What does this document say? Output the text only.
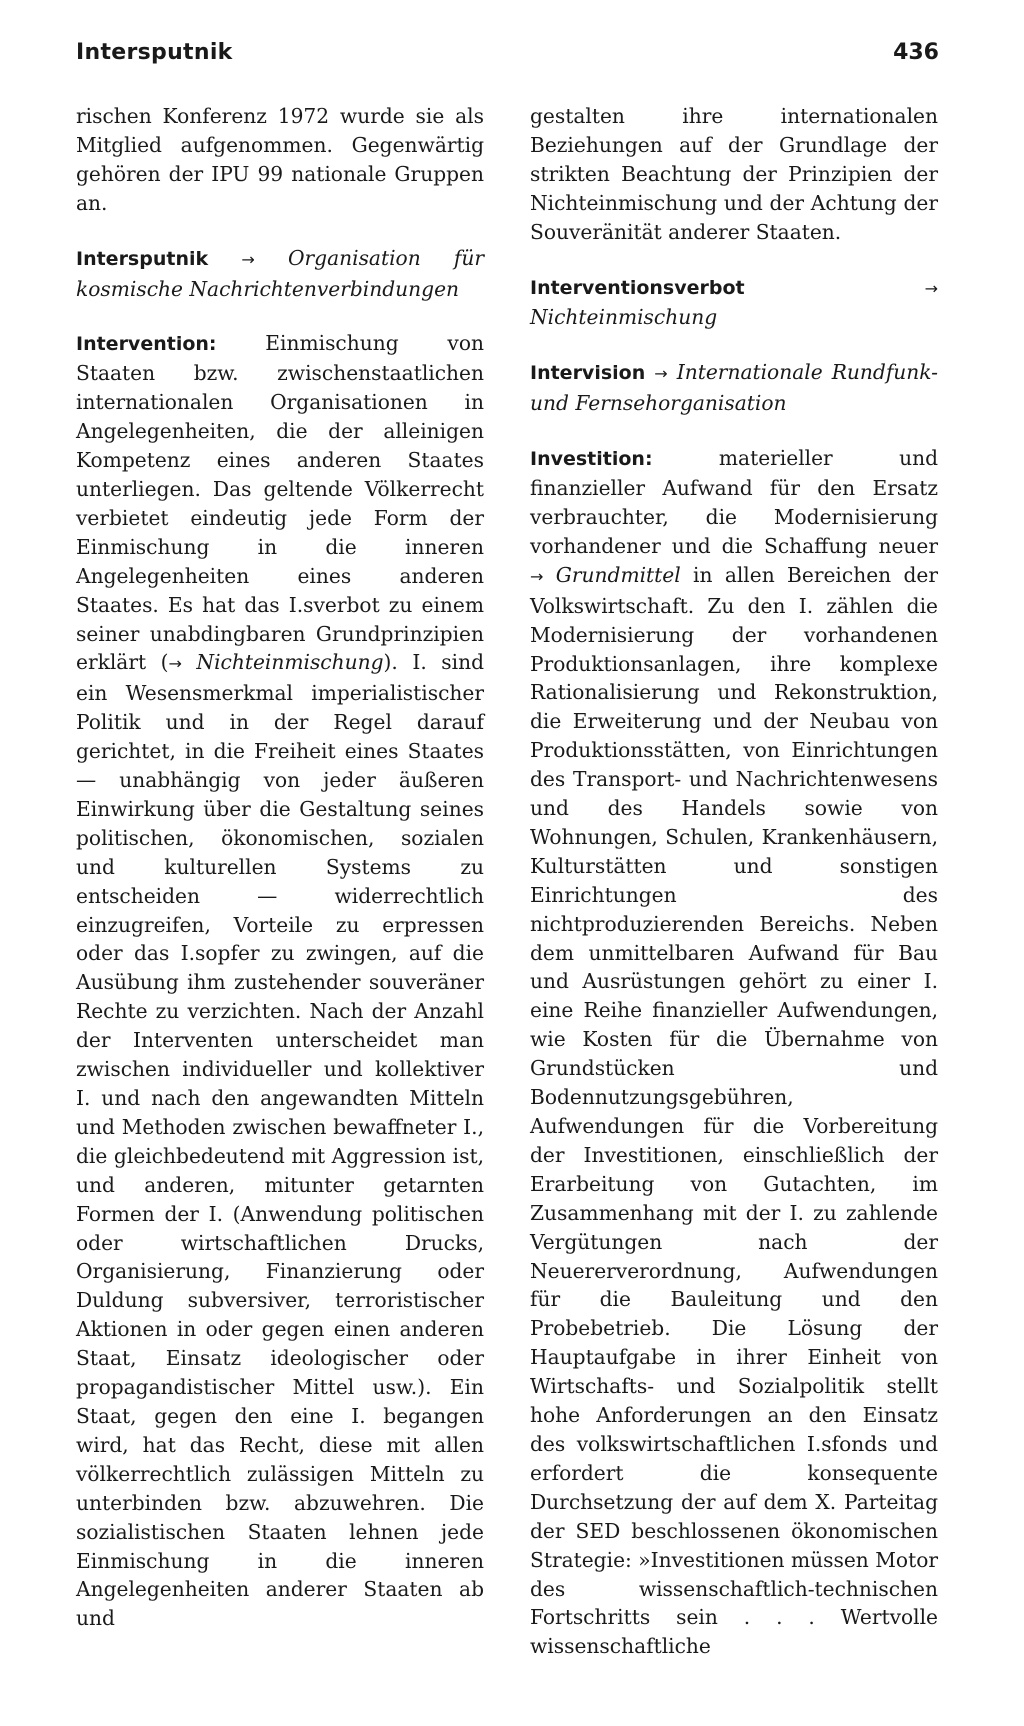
Intersputnik	436

rischen Konferenz 1972 wurde sie als Mitglied aufgenommen. Gegenwärtig gehören der IPU 99 nationale Gruppen an.

Intersputnik → Organisation für kosmische Nachrichtenverbindungen

Intervention: Einmischung von Staaten bzw. zwischenstaatlichen internationalen Organisationen in Angelegenheiten, die der alleinigen Kompetenz eines anderen Staates unterliegen. Das geltende Völkerrecht verbietet eindeutig jede Form der Einmischung in die inneren Angelegenheiten eines anderen Staates. Es hat das I.sverbot zu einem seiner unabdingbaren Grundprinzipien erklärt (→ Nichteinmischung). I. sind ein Wesensmerkmal imperialistischer Politik und in der Regel darauf gerichtet, in die Freiheit eines Staates — unabhängig von jeder äußeren Einwirkung über die Gestaltung seines politischen, ökonomischen, sozialen und kulturellen Systems zu entscheiden — widerrechtlich einzugreifen, Vorteile zu erpressen oder das I.sopfer zu zwingen, auf die Ausübung ihm zustehender souveräner Rechte zu verzichten. Nach der Anzahl der Interventen unterscheidet man zwischen individueller und kollektiver I. und nach den angewandten Mitteln und Methoden zwischen bewaffneter I., die gleichbedeutend mit Aggression ist, und anderen, mitunter getarnten Formen der I. (Anwendung politischen oder wirtschaftlichen Drucks, Organisierung, Finanzierung oder Duldung subversiver, terroristischer Aktionen in oder gegen einen anderen Staat, Einsatz ideologischer oder propagandistischer Mittel usw.). Ein Staat, gegen den eine I. begangen wird, hat das Recht, diese mit allen völkerrechtlich zulässigen Mitteln zu unterbinden bzw. abzuwehren. Die sozialistischen Staaten lehnen jede Einmischung in die inneren Angelegenheiten anderer Staaten ab und

gestalten ihre internationalen Beziehungen auf der Grundlage der strikten Beachtung der Prinzipien der Nichteinmischung und der Achtung der Souveränität anderer Staaten.

Interventionsverbot	→ Nichteinmischung

Intervision → Internationale Rundfunk- und Fernsehorganisation

Investition: materieller und finanzieller Aufwand für den Ersatz verbrauchter, die Modernisierung vorhandener und die Schaffung neuer → Grundmittel in allen Bereichen der Volkswirtschaft. Zu den I. zählen die Modernisierung der vorhandenen Produktionsanlagen, ihre komplexe Rationalisierung und Rekonstruktion, die Erweiterung und der Neubau von Produktionsstätten, von Einrichtungen des Transport- und Nachrichtenwesens und des Handels sowie von Wohnungen, Schulen, Krankenhäusern, Kulturstätten und sonstigen Einrichtungen des nichtproduzierenden Bereichs. Neben dem unmittelbaren Aufwand für Bau und Ausrüstungen gehört zu einer I. eine Reihe finanzieller Aufwendungen, wie Kosten für die Übernahme von Grundstücken und Bodennutzungsgebühren, Aufwendungen für die Vorbereitung der Investitionen, einschließlich der Erarbeitung von Gutachten, im Zusammenhang mit der I. zu zahlende Vergütungen nach der Neuererverordnung, Aufwendungen für die Bauleitung und den Probebetrieb. Die Lösung der Hauptaufgabe in ihrer Einheit von Wirtschafts- und Sozialpolitik stellt hohe Anforderungen an den Einsatz des volkswirtschaftlichen I.sfonds und erfordert die konsequente Durchsetzung der auf dem X. Parteitag der SED beschlossenen ökonomischen Strategie: »Investitionen müssen Motor des wissenschaftlich-technischen Fortschritts sein . . . Wertvolle wissenschaftliche
